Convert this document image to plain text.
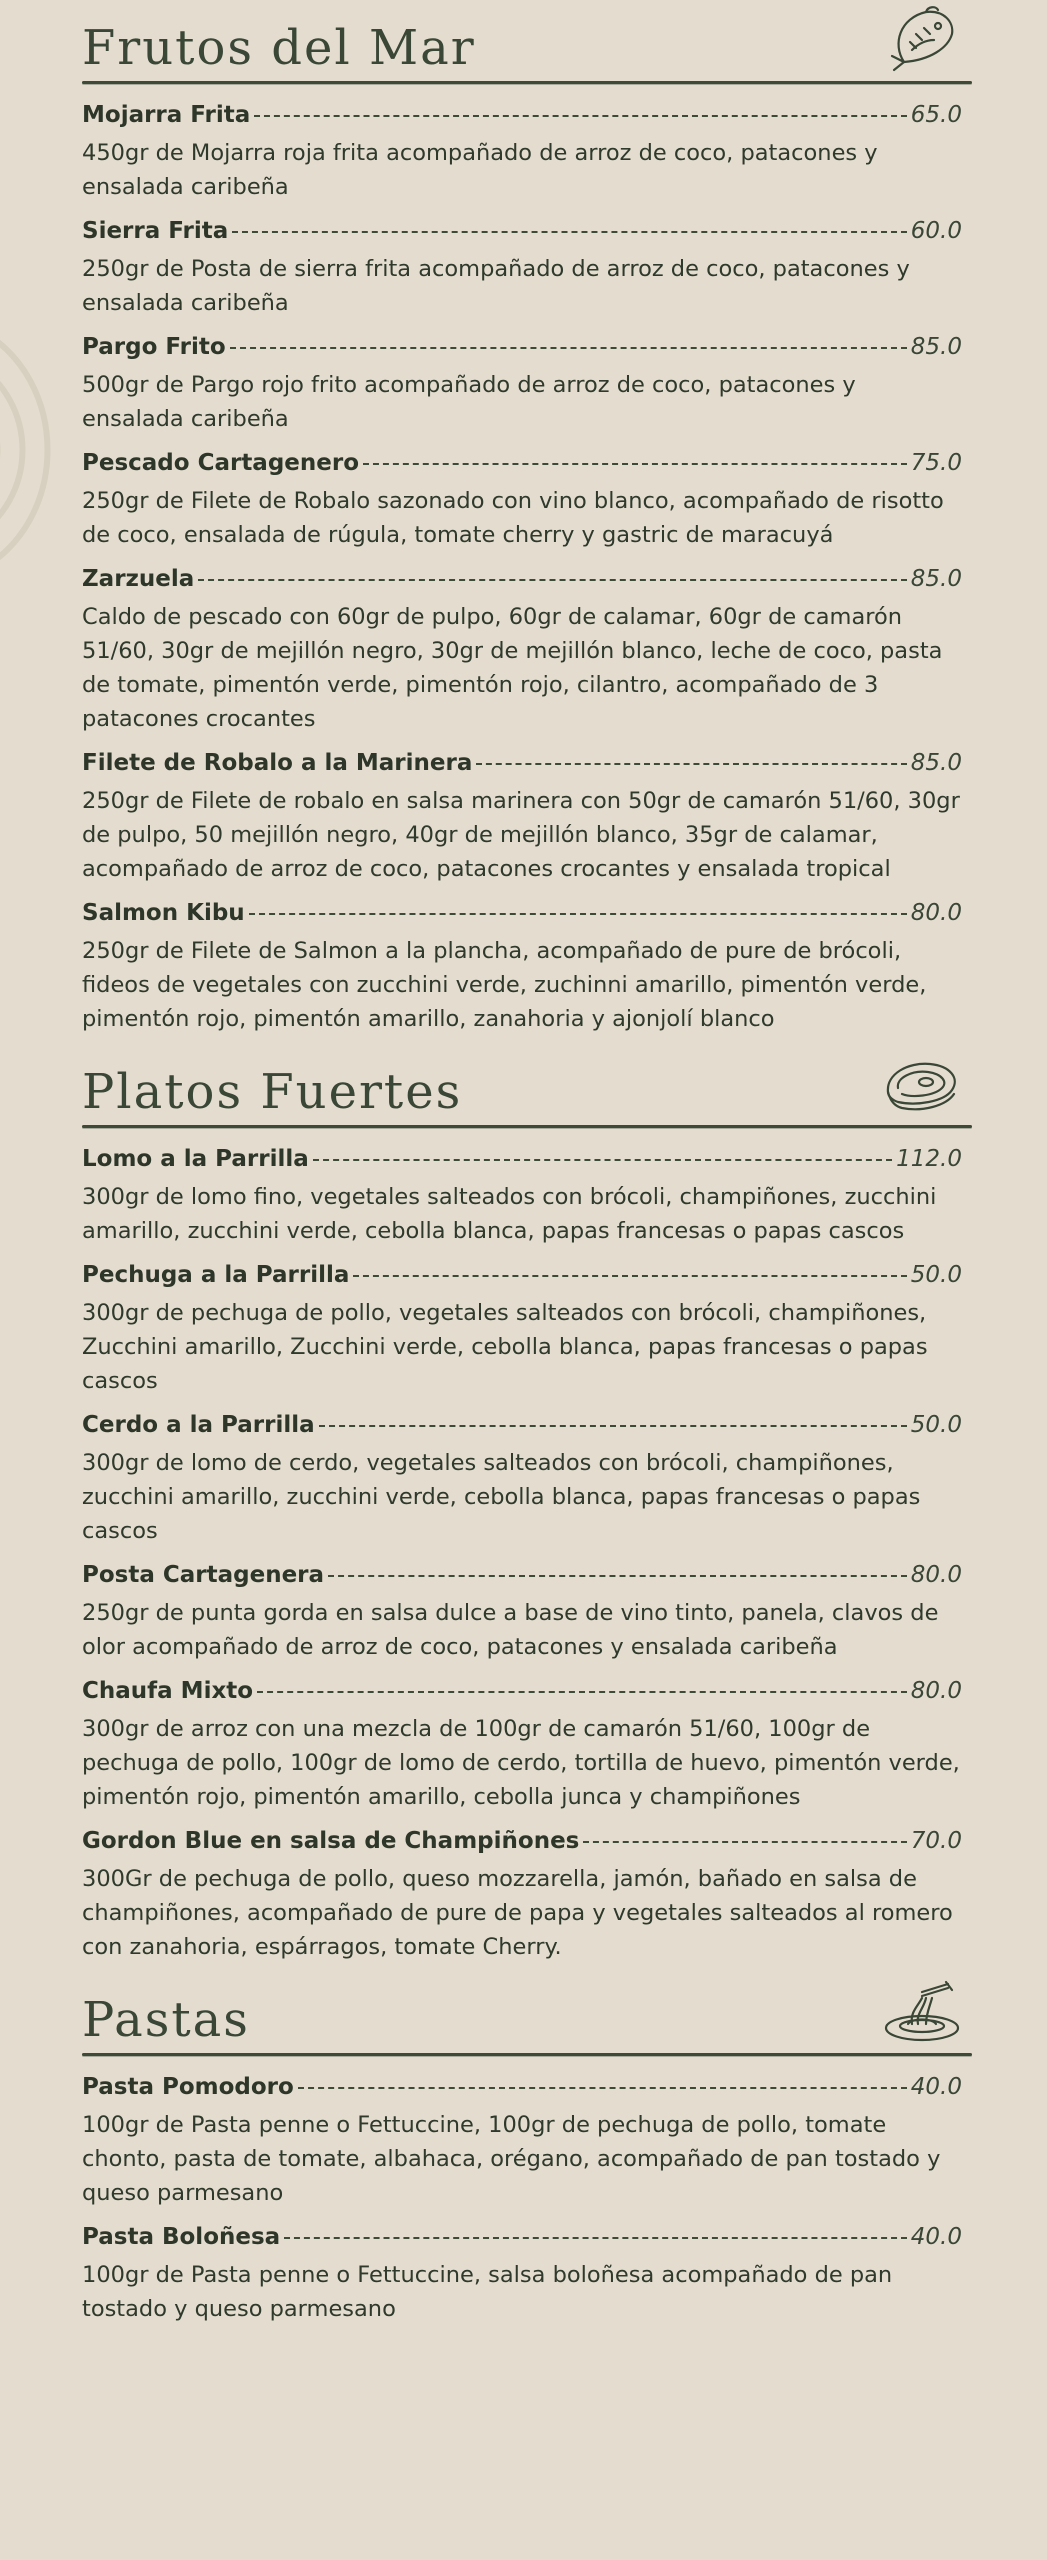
Frutos del Mar
Mojarra Frita	65.0
450gr de Mojarra roja frita acompañado de arroz de coco, patacones y ensalada caribeña
Sierra Frita	60.0
250gr de Posta de sierra frita acompañado de arroz de coco, patacones y ensalada caribeña
Pargo Frito	85.0
500gr de Pargo rojo frito acompañado de arroz de coco, patacones y ensalada caribeña
Pescado Cartagenero	75.0
250gr de Filete de Robalo sazonado con vino blanco, acompañado de risotto de coco, ensalada de rúgula, tomate cherry y gastric de maracuyá
Zarzuela	85.0
Caldo de pescado con 60gr de pulpo, 60gr de calamar, 60gr de camarón 51/60, 30gr de mejillón negro, 30gr de mejillón blanco, leche de coco, pasta de tomate, pimentón verde, pimentón rojo, cilantro, acompañado de 3 patacones crocantes
Filete de Robalo a la Marinera	85.0
250gr de Filete de robalo en salsa marinera con 50gr de camarón 51/60, 30gr de pulpo, 50 mejillón negro, 40gr de mejillón blanco, 35gr de calamar, acompañado de arroz de coco, patacones crocantes y ensalada tropical
Salmon Kibu	80.0
250gr de Filete de Salmon a la plancha, acompañado de pure de brócoli, fideos de vegetales con zucchini verde, zuchinni amarillo, pimentón verde, pimentón rojo, pimentón amarillo, zanahoria y ajonjolí blanco
Platos Fuertes
Lomo a la Parrilla	112.0
300gr de lomo fino, vegetales salteados con brócoli, champiñones, zucchini amarillo, zucchini verde, cebolla blanca, papas francesas o papas cascos
Pechuga a la Parrilla	50.0
300gr de pechuga de pollo, vegetales salteados con brócoli, champiñones, Zucchini amarillo, Zucchini verde, cebolla blanca, papas francesas o papas cascos
Cerdo a la Parrilla	50.0
300gr de lomo de cerdo, vegetales salteados con brócoli, champiñones, zucchini amarillo, zucchini verde, cebolla blanca, papas francesas o papas cascos
Posta Cartagenera	80.0
250gr de punta gorda en salsa dulce a base de vino tinto, panela, clavos de olor acompañado de arroz de coco, patacones y ensalada caribeña
Chaufa Mixto	80.0
300gr de arroz con una mezcla de 100gr de camarón 51/60, 100gr de pechuga de pollo, 100gr de lomo de cerdo, tortilla de huevo, pimentón verde, pimentón rojo, pimentón amarillo, cebolla junca y champiñones
Gordon Blue en salsa de Champiñones	70.0
300Gr de pechuga de pollo, queso mozzarella, jamón, bañado en salsa de champiñones, acompañado de pure de papa y vegetales salteados al romero con zanahoria, espárragos, tomate Cherry.
Pastas
Pasta Pomodoro	40.0
100gr de Pasta penne o Fettuccine, 100gr de pechuga de pollo, tomate chonto, pasta de tomate, albahaca, orégano, acompañado de pan tostado y queso parmesano
Pasta Boloñesa	40.0
100gr de Pasta penne o Fettuccine, salsa boloñesa acompañado de pan tostado y queso parmesano
